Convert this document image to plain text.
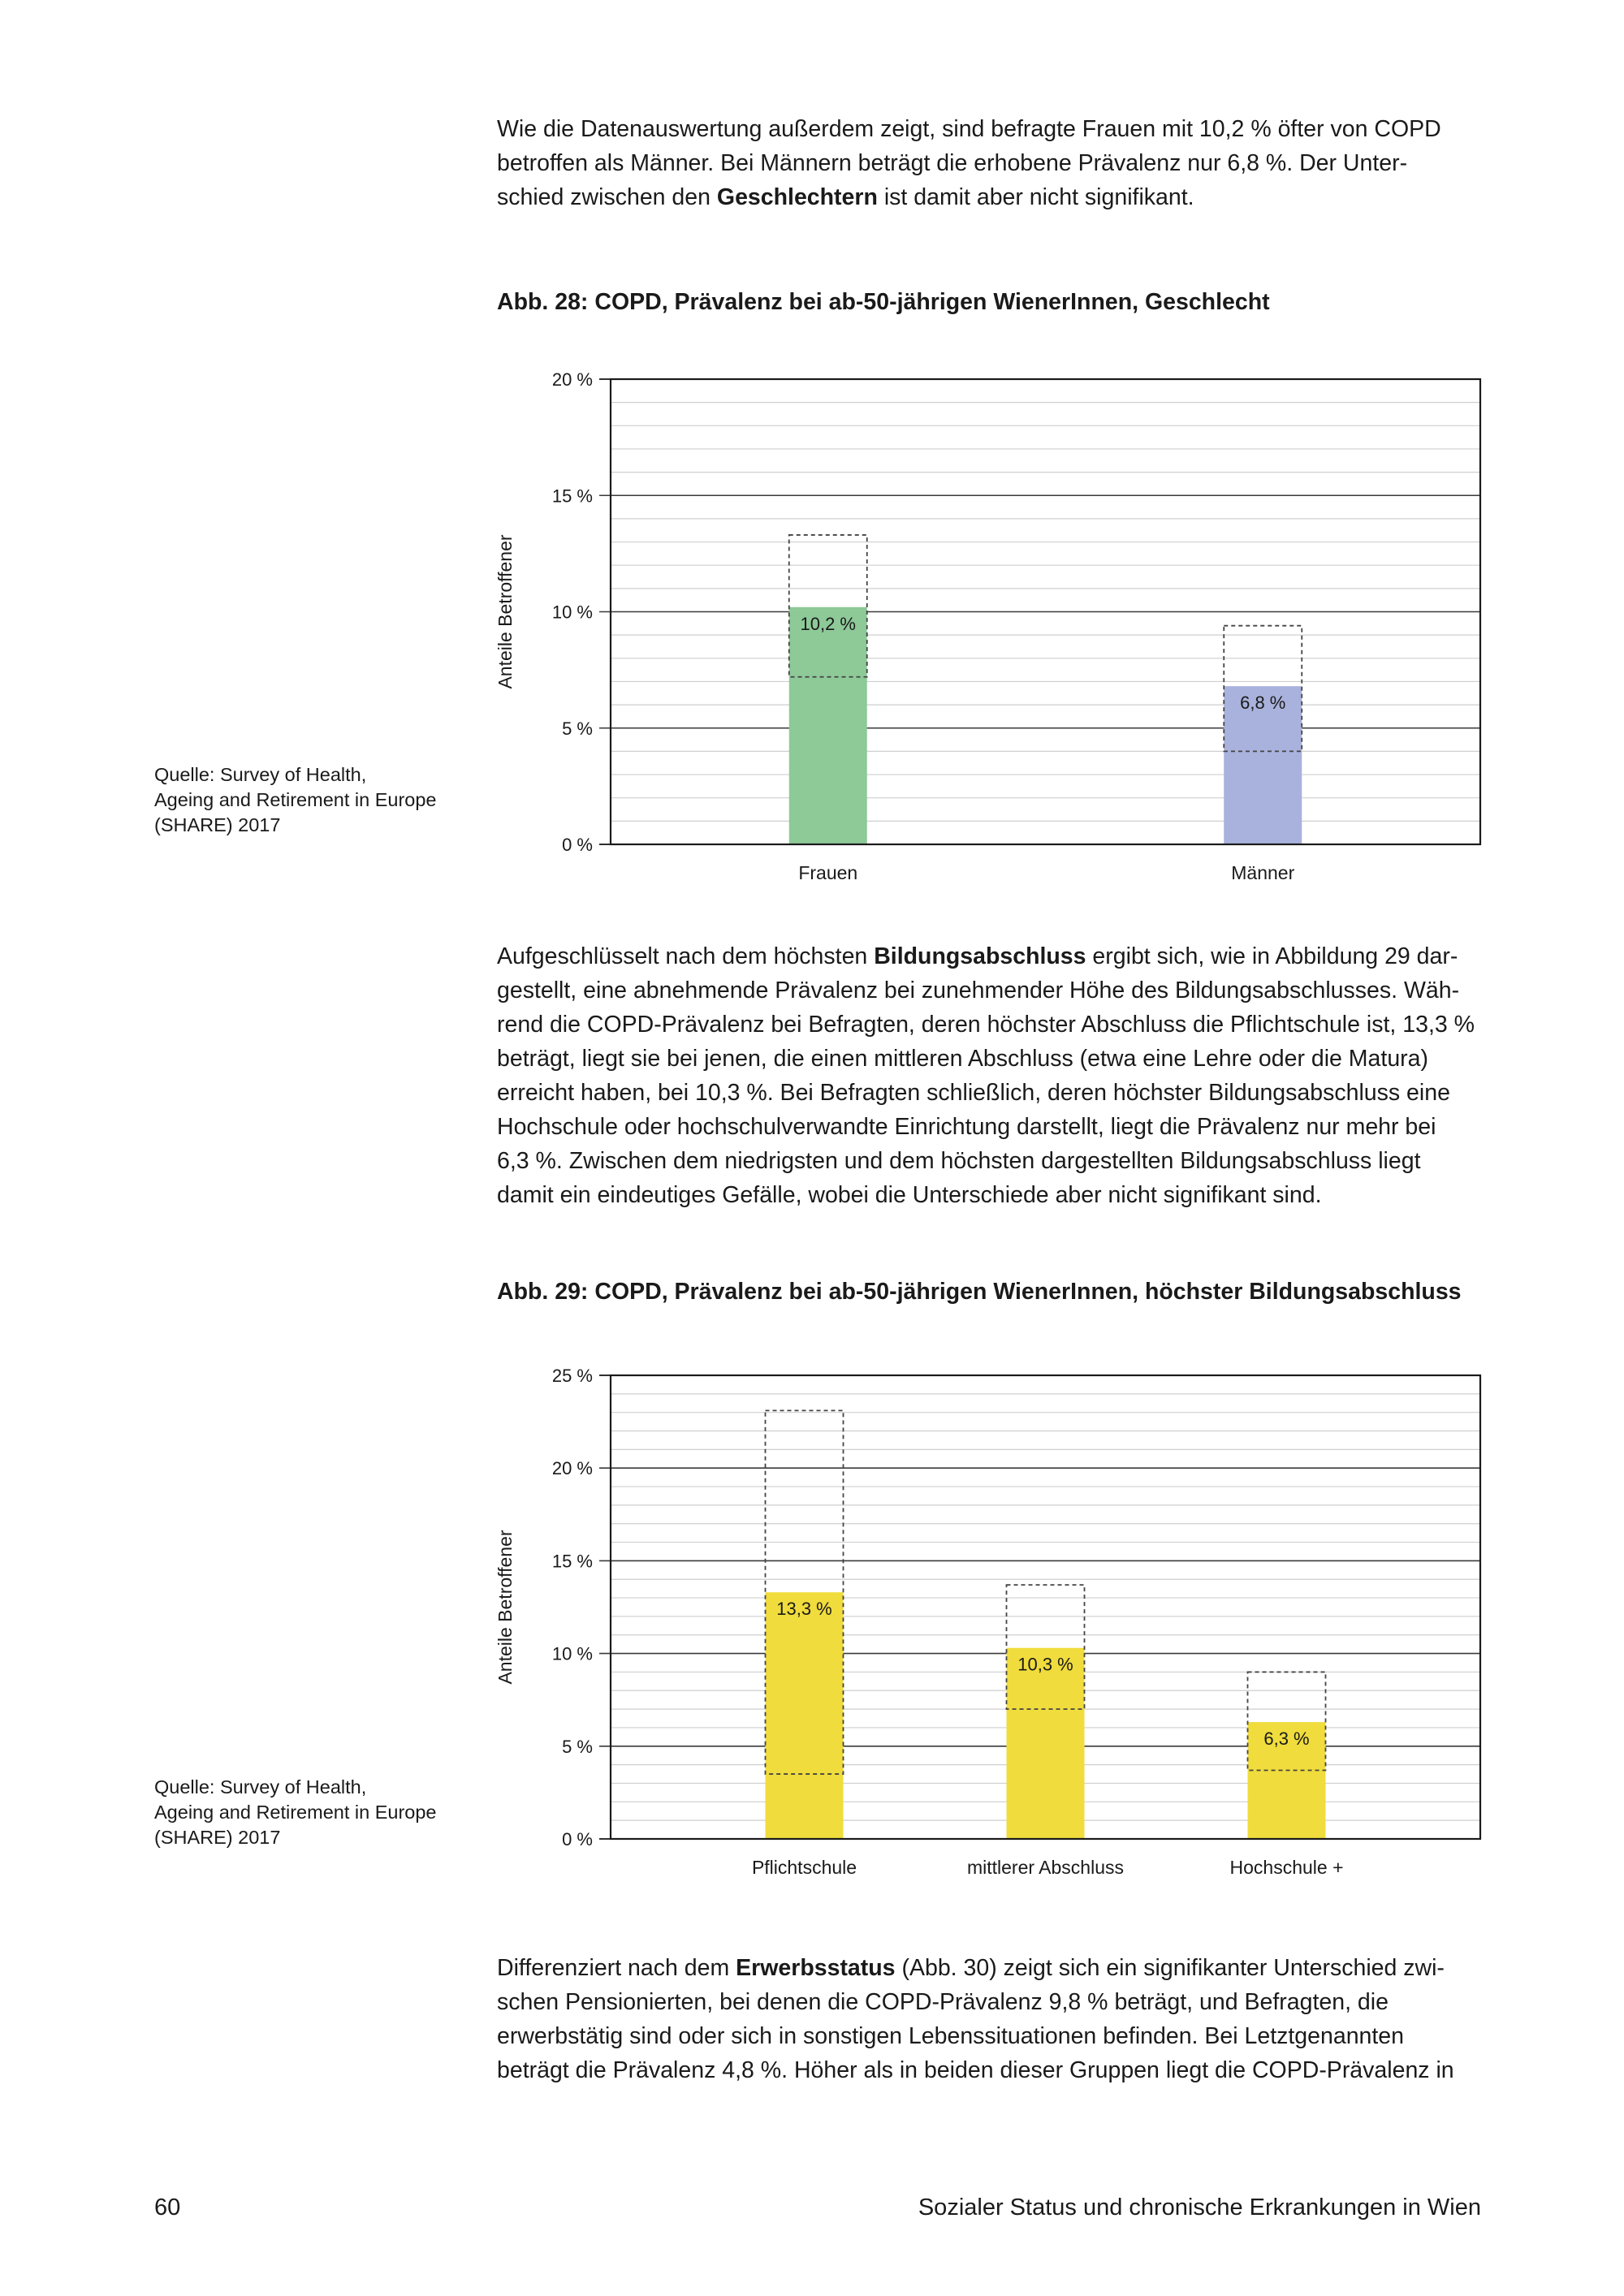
Wie die Datenauswertung außerdem zeigt, sind befragte Frauen mit 10,2 % öfter von COPD
betroffen als Männer. Bei Männern beträgt die erhobene Prävalenz nur 6,8 %. Der Unter-
schied zwischen den Geschlechtern ist damit aber nicht signifikant.

Abb. 28: COPD, Prävalenz bei ab-50-jährigen WienerInnen, Geschlecht

0 %
5 %
10 %
15 %
20 %
10,2 %
Frauen
6,8 %
Männer
Anteile Betroffener

Quelle: Survey of Health,
Ageing and Retirement in Europe
(SHARE) 2017

Aufgeschlüsselt nach dem höchsten Bildungsabschluss ergibt sich, wie in Abbildung 29 dar-
gestellt, eine abnehmende Prävalenz bei zunehmender Höhe des Bildungsabschlusses. Wäh-
rend die COPD-Prävalenz bei Befragten, deren höchster Abschluss die Pflichtschule ist, 13,3 %
beträgt, liegt sie bei jenen, die einen mittleren Abschluss (etwa eine Lehre oder die Matura)
erreicht haben, bei 10,3 %. Bei Befragten schließlich, deren höchster Bildungsabschluss eine
Hochschule oder hochschulverwandte Einrichtung darstellt, liegt die Prävalenz nur mehr bei
6,3 %. Zwischen dem niedrigsten und dem höchsten dargestellten Bildungsabschluss liegt
damit ein eindeutiges Gefälle, wobei die Unterschiede aber nicht signifikant sind.

Abb. 29: COPD, Prävalenz bei ab-50-jährigen WienerInnen, höchster Bildungsabschluss

0 %
5 %
10 %
15 %
20 %
25 %
13,3 %
Pflichtschule
10,3 %
mittlerer Abschluss
6,3 %
Hochschule +
Anteile Betroffener

Quelle: Survey of Health,
Ageing and Retirement in Europe
(SHARE) 2017

Differenziert nach dem Erwerbsstatus (Abb. 30) zeigt sich ein signifikanter Unterschied zwi-
schen Pensionierten, bei denen die COPD-Prävalenz 9,8 % beträgt, und Befragten, die
erwerbstätig sind oder sich in sonstigen Lebenssituationen befinden. Bei Letztgenannten
beträgt die Prävalenz 4,8 %. Höher als in beiden dieser Gruppen liegt die COPD-Prävalenz in

60	Sozialer Status und chronische Erkrankungen in Wien
